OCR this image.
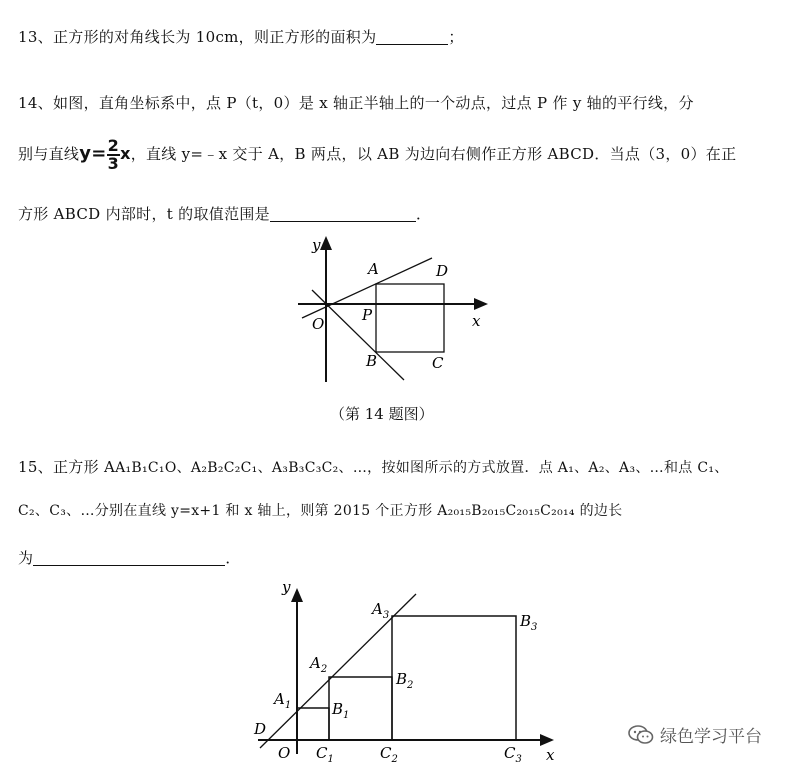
13、正方形的对角线长为 10cm，则正方形的面积为	；
14、如图，直角坐标系中，点 P（t，0）是 x 轴正半轴上的一个动点，过点 P 作 y 轴的平行线，分
别与直线$y= \frac{2}{3}$ x，直线 y=﹣x 交于 A，B 两点，以 AB 为边向右侧作正方形 ABCD．当点（3，0）在正
方形 ABCD 内部时，t 的取值范围是	．
y
x
O	P
A
B	C
D
（第 14 题图）
15、正方形 AA₁B₁C₁O、A₂B₂C₂C₁、A₃B₃C₃C₂、…，按如图所示的方式放置．点 A₁、A₂、A₃、…和点 C₁、
C₂、C₃、…分别在直线 y=x+1 和 x 轴上，则第 2015 个正方形 A₂₀₁₅B₂₀₁₅C₂₀₁₅C₂₀₁₄ 的边长
为	．
y
x
D
O
$A_1$	$B_1$
$C_1$
$A_2$
$B_2$
$C_2$
$A_3$	$B_3$
$C_3$
绿色学习平台
